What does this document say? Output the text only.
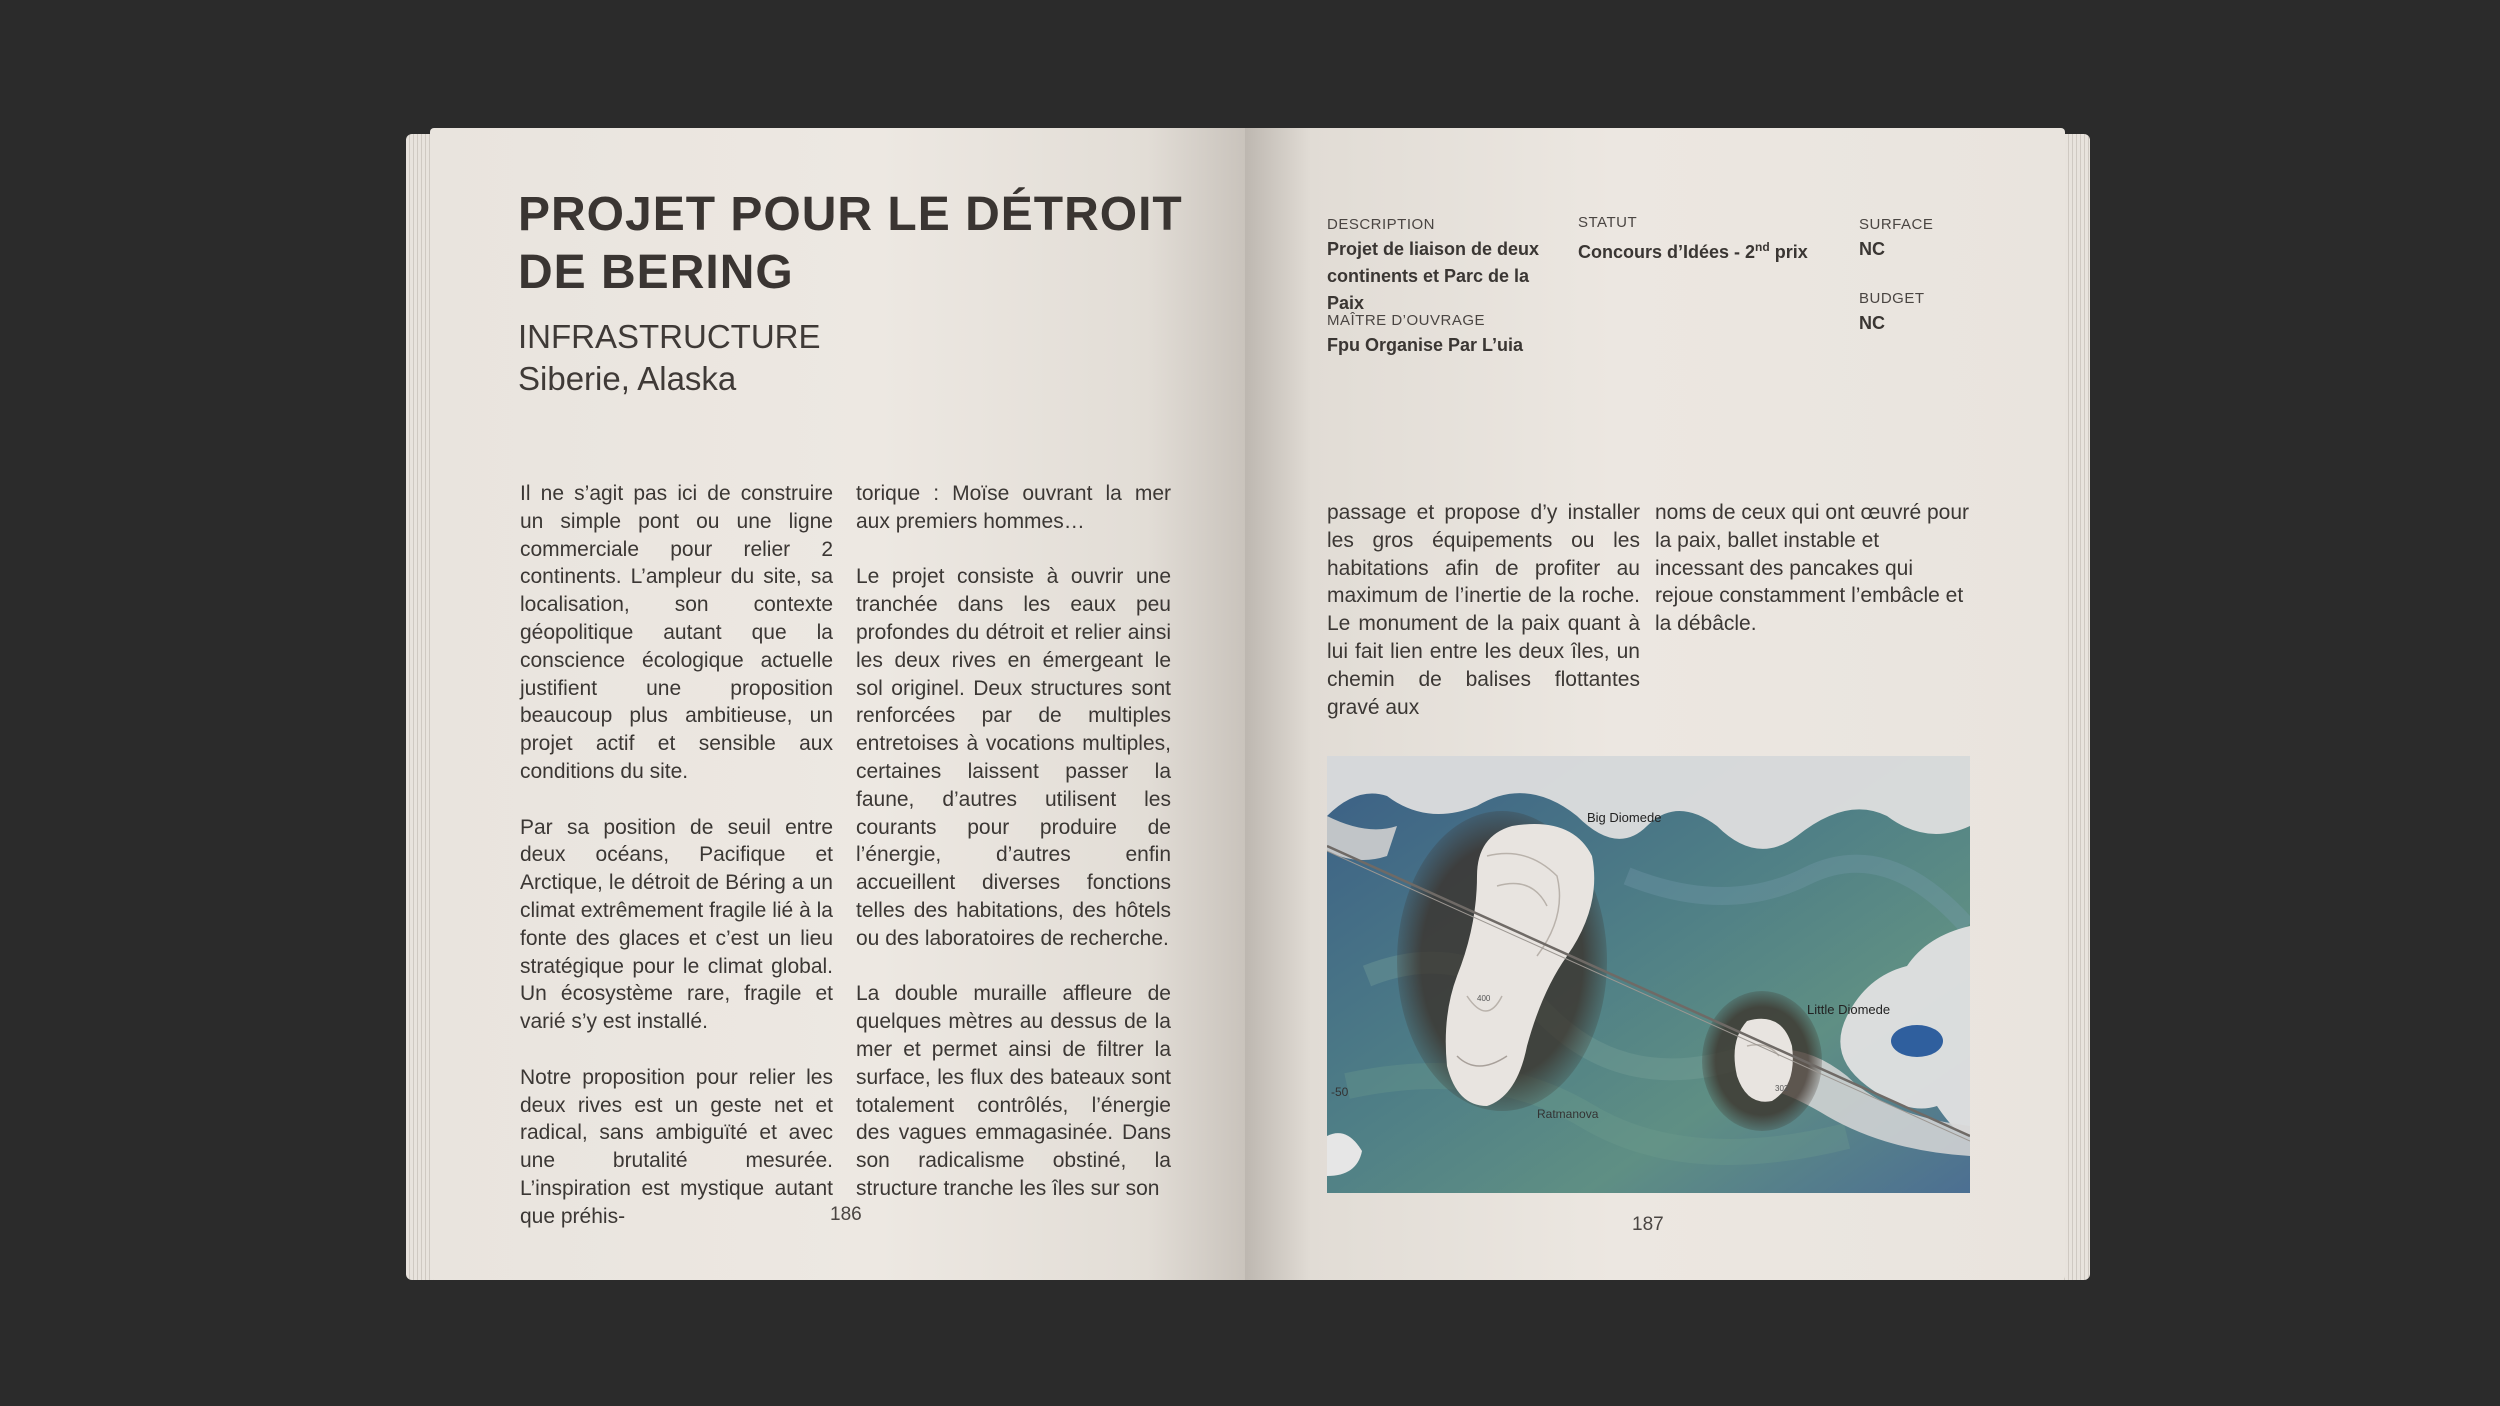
PROJET POUR LE DÉTROIT DE BERING
INFRASTRUCTURE
Siberie, Alaska

Il ne s’agit pas ici de construire un simple pont ou une ligne commerciale pour relier 2 continents. L’ampleur du site, sa localisation, son contexte géopolitique autant que la conscience écologique actuelle justifient une proposition beaucoup plus ambitieuse, un projet actif et sensible aux conditions du site.

Par sa position de seuil entre deux océans, Pacifique et Arctique, le détroit de Béring a un climat extrêmement fragile lié à la fonte des glaces et c’est un lieu stratégique pour le climat global. Un écosystème rare, fragile et varié s’y est installé.

Notre proposition pour relier les deux rives est un geste net et radical, sans ambiguïté et avec une brutalité mesurée. L’inspiration est mystique autant que préhis-

torique : Moïse ouvrant la mer aux premiers hommes…

Le projet consiste à ouvrir une tranchée dans les eaux peu profondes du détroit et relier ainsi les deux rives en émergeant le sol originel. Deux structures sont renforcées par de multiples entretoises à vocations multiples, certaines laissent passer la faune, d’autres utilisent les courants pour produire de l’énergie, d’autres enfin accueillent diverses fonctions telles des habitations, des hôtels ou des laboratoires de recherche.

La double muraille affleure de quelques mètres au dessus de la mer et permet ainsi de filtrer la surface, les flux des bateaux sont totalement contrôlés, l’énergie des vagues emmagasinée. Dans son radicalisme obstiné, la structure tranche les îles sur son

186
DESCRIPTION
Projet de liaison de deux continents et Parc de la Paix
STATUT
Concours d’Idées - 2nd prix
SURFACE
NC
MAÎTRE D’OUVRAGE
Fpu Organise Par L’uia
BUDGET
NC

passage et propose d’y installer les gros équipements ou les habitations afin de profiter au maximum de l’inertie de la roche. Le monument de la paix quant à lui fait lien entre les deux îles, un chemin de balises flottantes gravé aux

noms de ceux qui ont œuvré pour la paix, ballet instable et incessant des pancakes qui rejoue constamment l’embâcle et la débâcle.

Big Diomede
Little Diomede
Ratmanova
-50
400
302
187
